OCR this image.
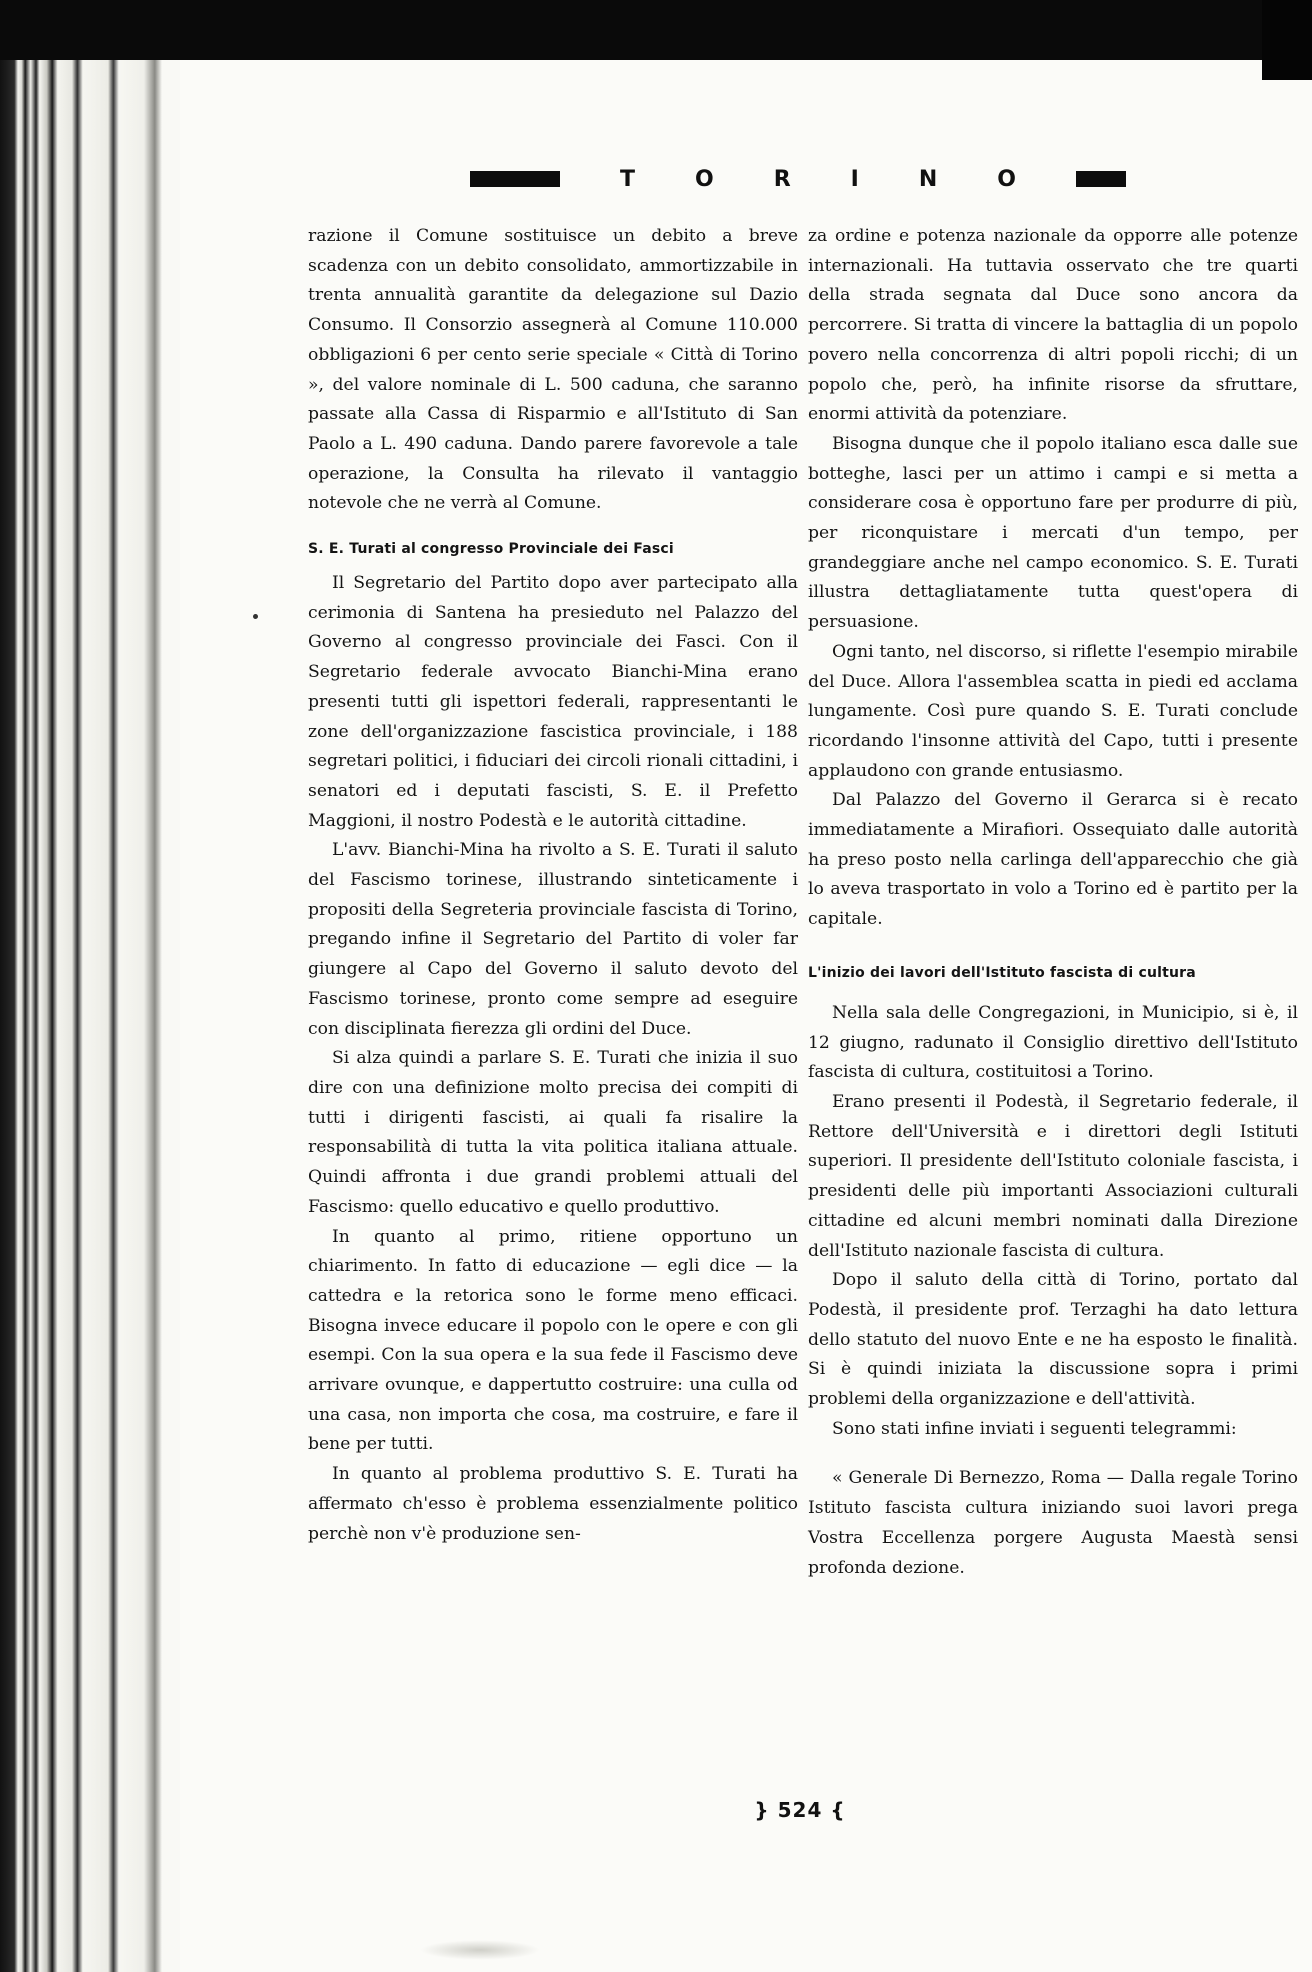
TORINO

razione il Comune sostituisce un debito a breve scadenza con un debito consolidato, ammortizzabile in trenta annualità garantite da delegazione sul Dazio Consumo. Il Consorzio assegnerà al Comune 110.000 obbligazioni 6 per cento serie speciale « Città di Torino », del valore nominale di L. 500 caduna, che saranno passate alla Cassa di Risparmio e all'Istituto di San Paolo a L. 490 caduna. Dando parere favorevole a tale operazione, la Consulta ha rilevato il vantaggio notevole che ne verrà al Comune.

S. E. Turati al congresso Provinciale dei Fasci

Il Segretario del Partito dopo aver partecipato alla cerimonia di Santena ha presieduto nel Palazzo del Governo al congresso provinciale dei Fasci. Con il Segretario federale avvocato Bianchi-Mina erano presenti tutti gli ispettori federali, rappresentanti le zone dell'organizzazione fascistica provinciale, i 188 segretari politici, i fiduciari dei circoli rionali cittadini, i senatori ed i deputati fascisti, S. E. il Prefetto Maggioni, il nostro Podestà e le autorità cittadine.

L'avv. Bianchi-Mina ha rivolto a S. E. Turati il saluto del Fascismo torinese, illustrando sinteticamente i propositi della Segreteria provinciale fascista di Torino, pregando infine il Segretario del Partito di voler far giungere al Capo del Governo il saluto devoto del Fascismo torinese, pronto come sempre ad eseguire con disciplinata fierezza gli ordini del Duce.

Si alza quindi a parlare S. E. Turati che inizia il suo dire con una definizione molto precisa dei compiti di tutti i dirigenti fascisti, ai quali fa risalire la responsabilità di tutta la vita politica italiana attuale. Quindi affronta i due grandi problemi attuali del Fascismo: quello educativo e quello produttivo.

In quanto al primo, ritiene opportuno un chiarimento. In fatto di educazione — egli dice — la cattedra e la retorica sono le forme meno efficaci. Bisogna invece educare il popolo con le opere e con gli esempi. Con la sua opera e la sua fede il Fascismo deve arrivare ovunque, e dappertutto costruire: una culla od una casa, non importa che cosa, ma costruire, e fare il bene per tutti.

In quanto al problema produttivo S. E. Turati ha affermato ch'esso è problema essenzialmente politico perchè non v'è produzione sen-

za ordine e potenza nazionale da opporre alle potenze internazionali. Ha tuttavia osservato che tre quarti della strada segnata dal Duce sono ancora da percorrere. Si tratta di vincere la battaglia di un popolo povero nella concorrenza di altri popoli ricchi; di un popolo che, però, ha infinite risorse da sfruttare, enormi attività da potenziare.

Bisogna dunque che il popolo italiano esca dalle sue botteghe, lasci per un attimo i campi e si metta a considerare cosa è opportuno fare per produrre di più, per riconquistare i mercati d'un tempo, per grandeggiare anche nel campo economico. S. E. Turati illustra dettagliatamente tutta quest'opera di persuasione.

Ogni tanto, nel discorso, si riflette l'esempio mirabile del Duce. Allora l'assemblea scatta in piedi ed acclama lungamente. Così pure quando S. E. Turati conclude ricordando l'insonne attività del Capo, tutti i presente applaudono con grande entusiasmo.

Dal Palazzo del Governo il Gerarca si è recato immediatamente a Mirafiori. Ossequiato dalle autorità ha preso posto nella carlinga dell'apparecchio che già lo aveva trasportato in volo a Torino ed è partito per la capitale.

L'inizio dei lavori dell'Istituto fascista di cultura

Nella sala delle Congregazioni, in Municipio, si è, il 12 giugno, radunato il Consiglio direttivo dell'Istituto fascista di cultura, costituitosi a Torino.

Erano presenti il Podestà, il Segretario federale, il Rettore dell'Università e i direttori degli Istituti superiori. Il presidente dell'Istituto coloniale fascista, i presidenti delle più importanti Associazioni culturali cittadine ed alcuni membri nominati dalla Direzione dell'Istituto nazionale fascista di cultura.

Dopo il saluto della città di Torino, portato dal Podestà, il presidente prof. Terzaghi ha dato lettura dello statuto del nuovo Ente e ne ha esposto le finalità. Si è quindi iniziata la discussione sopra i primi problemi della organizzazione e dell'attività.

Sono stati infine inviati i seguenti telegrammi:

« Generale Di Bernezzo, Roma — Dalla regale Torino Istituto fascista cultura iniziando suoi lavori prega Vostra Eccellenza porgere Augusta Maestà sensi profonda dezione.

} 524 {
